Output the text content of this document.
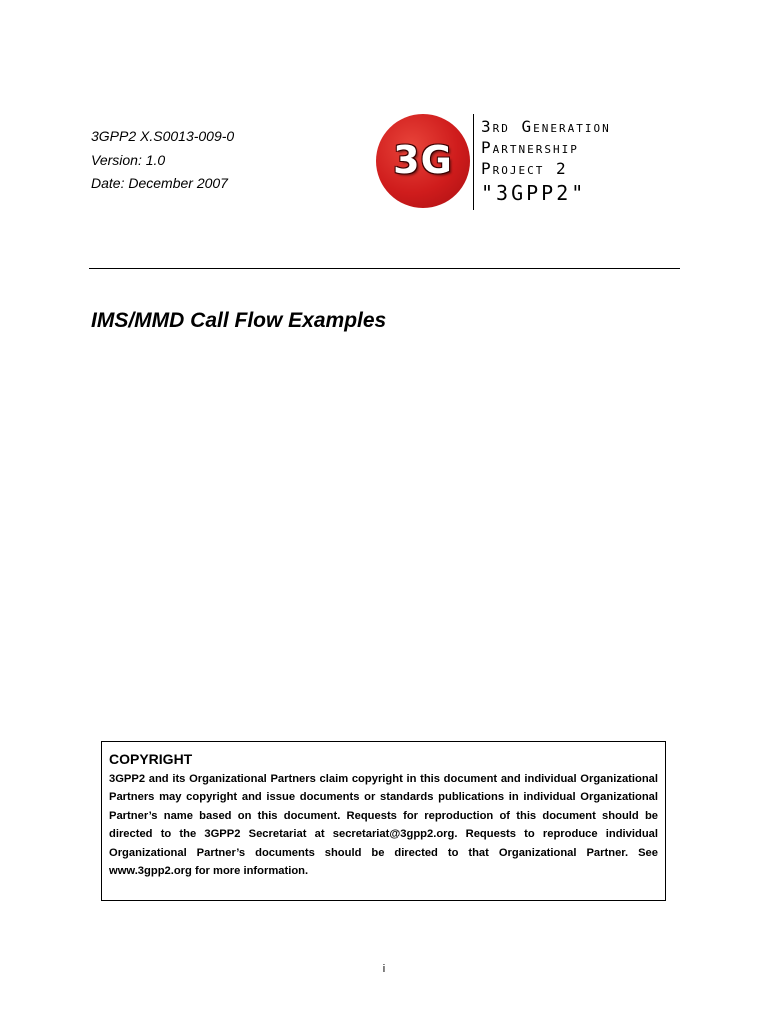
3GPP2 X.S0013-009-0
Version: 1.0
Date: December 2007
3G
3rd Generation
Partnership
Project 2
"3GPP2"
IMS/MMD Call Flow Examples
COPYRIGHT

3GPP2 and its Organizational Partners claim copyright in this document and individual Organizational Partners may copyright and issue documents or standards publications in individual Organizational Partner’s name based on this document. Requests for reproduction of this document should be directed to the 3GPP2 Secretariat at secretariat@3gpp2.org. Requests to reproduce individual Organizational Partner’s documents should be directed to that Organizational Partner. See www.3gpp2.org for more information.

i
